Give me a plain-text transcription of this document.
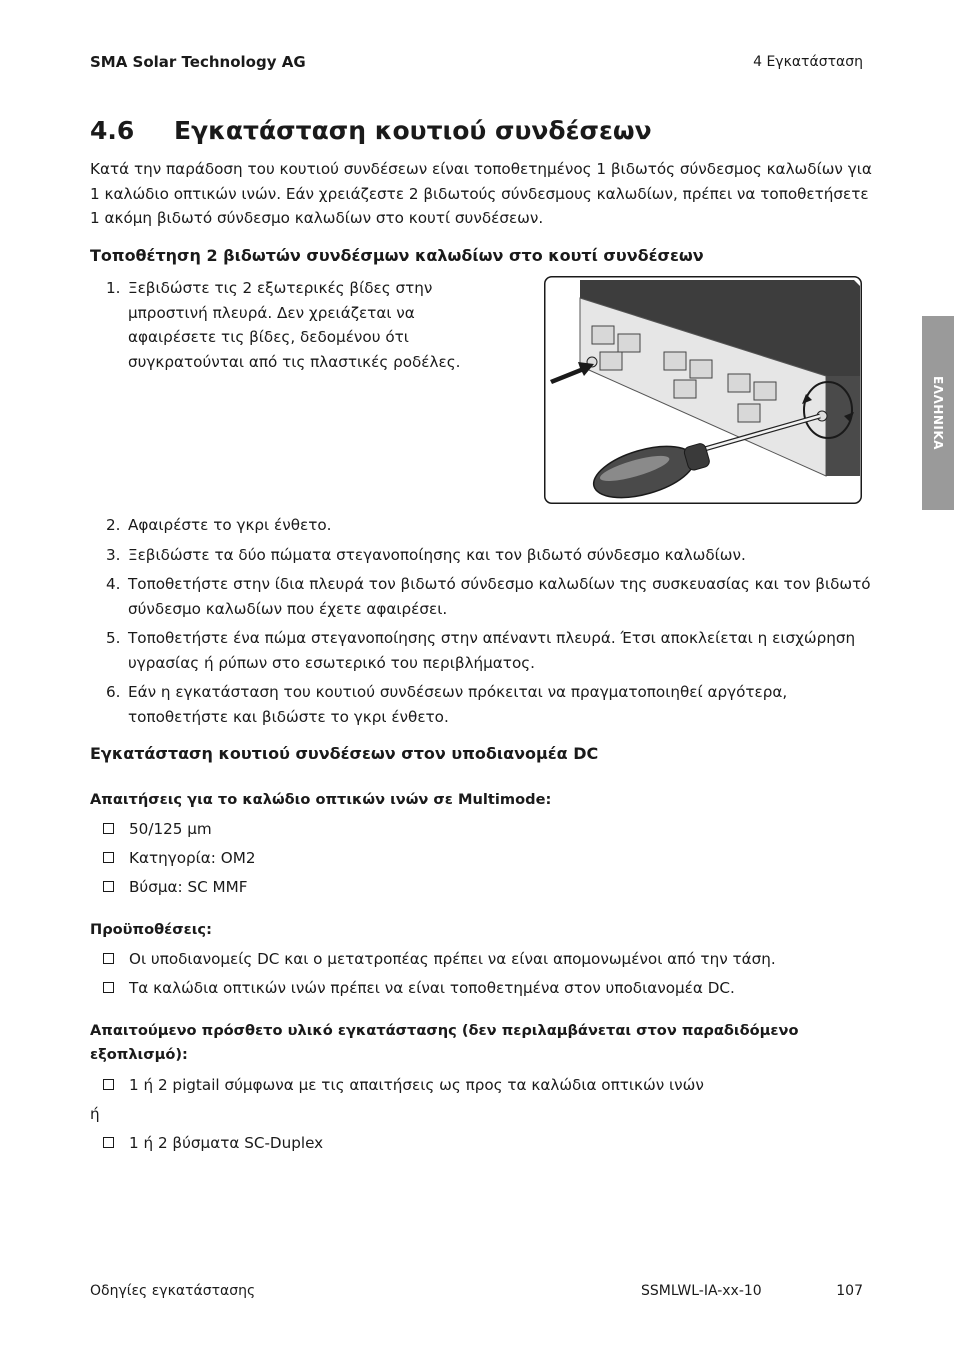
SMA Solar Technology AG	4 Εγκατάσταση
4.6 Εγκατάσταση κουτιού συνδέσεων
Κατά την παράδοση του κουτιού συνδέσεων είναι τοποθετημένος 1 βιδωτός σύνδεσμος καλωδίων για 1 καλώδιο οπτικών ινών. Εάν χρειάζεστε 2 βιδωτούς σύνδεσμους καλωδίων, πρέπει να τοποθετήσετε 1 ακόμη βιδωτό σύνδεσμο καλωδίων στο κουτί συνδέσεων.
Τοποθέτηση 2 βιδωτών συνδέσμων καλωδίων στο κουτί συνδέσεων
1. Ξεβιδώστε τις 2 εξωτερικές βίδες στην μπροστινή πλευρά. Δεν χρειάζεται να αφαιρέσετε τις βίδες, δεδομένου ότι συγκρατούνται από τις πλαστικές ροδέλες.
2. Αφαιρέστε το γκρι ένθετο.
3. Ξεβιδώστε τα δύο πώματα στεγανοποίησης και τον βιδωτό σύνδεσμο καλωδίων.
4. Τοποθετήστε στην ίδια πλευρά τον βιδωτό σύνδεσμο καλωδίων της συσκευασίας και τον βιδωτό σύνδεσμο καλωδίων που έχετε αφαιρέσει.
5. Τοποθετήστε ένα πώμα στεγανοποίησης στην απέναντι πλευρά. Έτσι αποκλείεται η εισχώρηση υγρασίας ή ρύπων στο εσωτερικό του περιβλήματος.
6. Εάν η εγκατάσταση του κουτιού συνδέσεων πρόκειται να πραγματοποιηθεί αργότερα, τοποθετήστε και βιδώστε το γκρι ένθετο.
Εγκατάσταση κουτιού συνδέσεων στον υποδιανομέα DC
Απαιτήσεις για το καλώδιο οπτικών ινών σε Multimode:
50/125 µm
Κατηγορία: OM2
Βύσμα: SC MMF
Προϋποθέσεις:
Οι υποδιανομείς DC και ο μετατροπέας πρέπει να είναι απομονωμένοι από την τάση.
Τα καλώδια οπτικών ινών πρέπει να είναι τοποθετημένα στον υποδιανομέα DC.
Απαιτούμενο πρόσθετο υλικό εγκατάστασης (δεν περιλαμβάνεται στον παραδιδόμενο εξοπλισμό):
1 ή 2 pigtail σύμφωνα με τις απαιτήσεις ως προς τα καλώδια οπτικών ινών
ή
1 ή 2 βύσματα SC-Duplex
ΕΛΛΗΝΙΚΑ
Οδηγίες εγκατάστασης	SSMLWL-IA-xx-10	107
